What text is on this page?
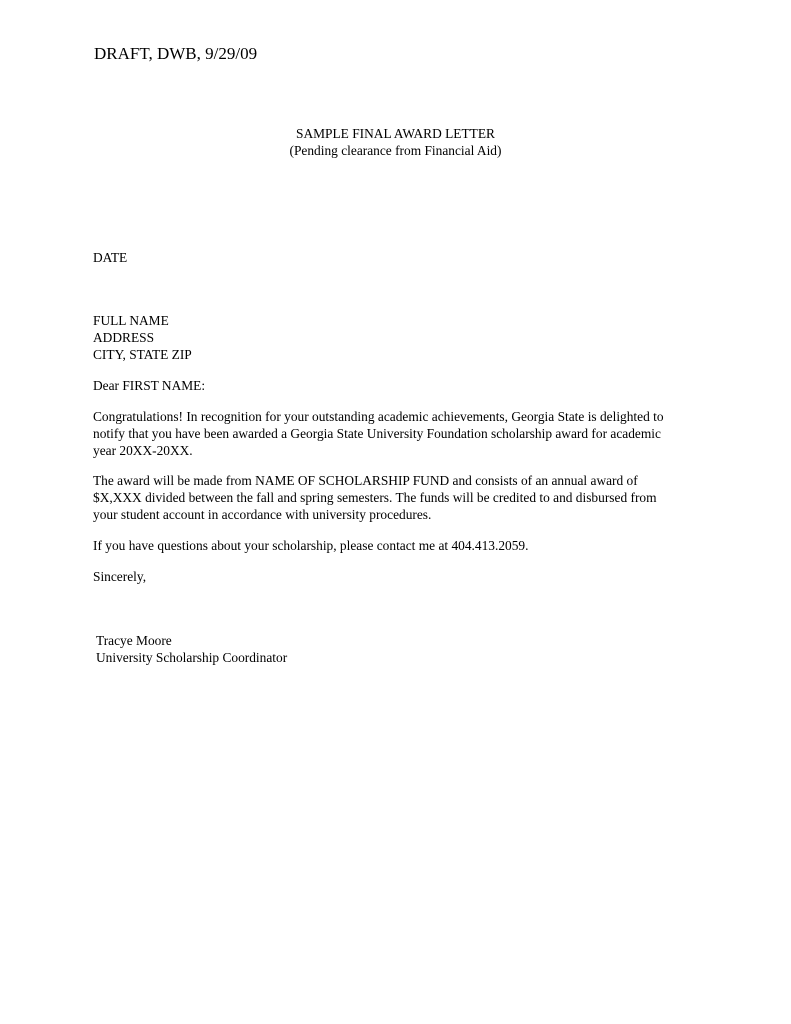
DRAFT, DWB, 9/29/09
SAMPLE FINAL AWARD LETTER
(Pending clearance from Financial Aid)
DATE
FULL NAME
ADDRESS
CITY, STATE ZIP
Dear FIRST NAME:
Congratulations! In recognition for your outstanding academic achievements, Georgia State is delighted to
notify that you have been awarded a Georgia State University Foundation scholarship award for academic
year 20XX-20XX.
The award will be made from NAME OF SCHOLARSHIP FUND and consists of an annual award of
$X,XXX divided between the fall and spring semesters. The funds will be credited to and disbursed from
your student account in accordance with university procedures.
If you have questions about your scholarship, please contact me at 404.413.2059.
Sincerely,
Tracye Moore
University Scholarship Coordinator
